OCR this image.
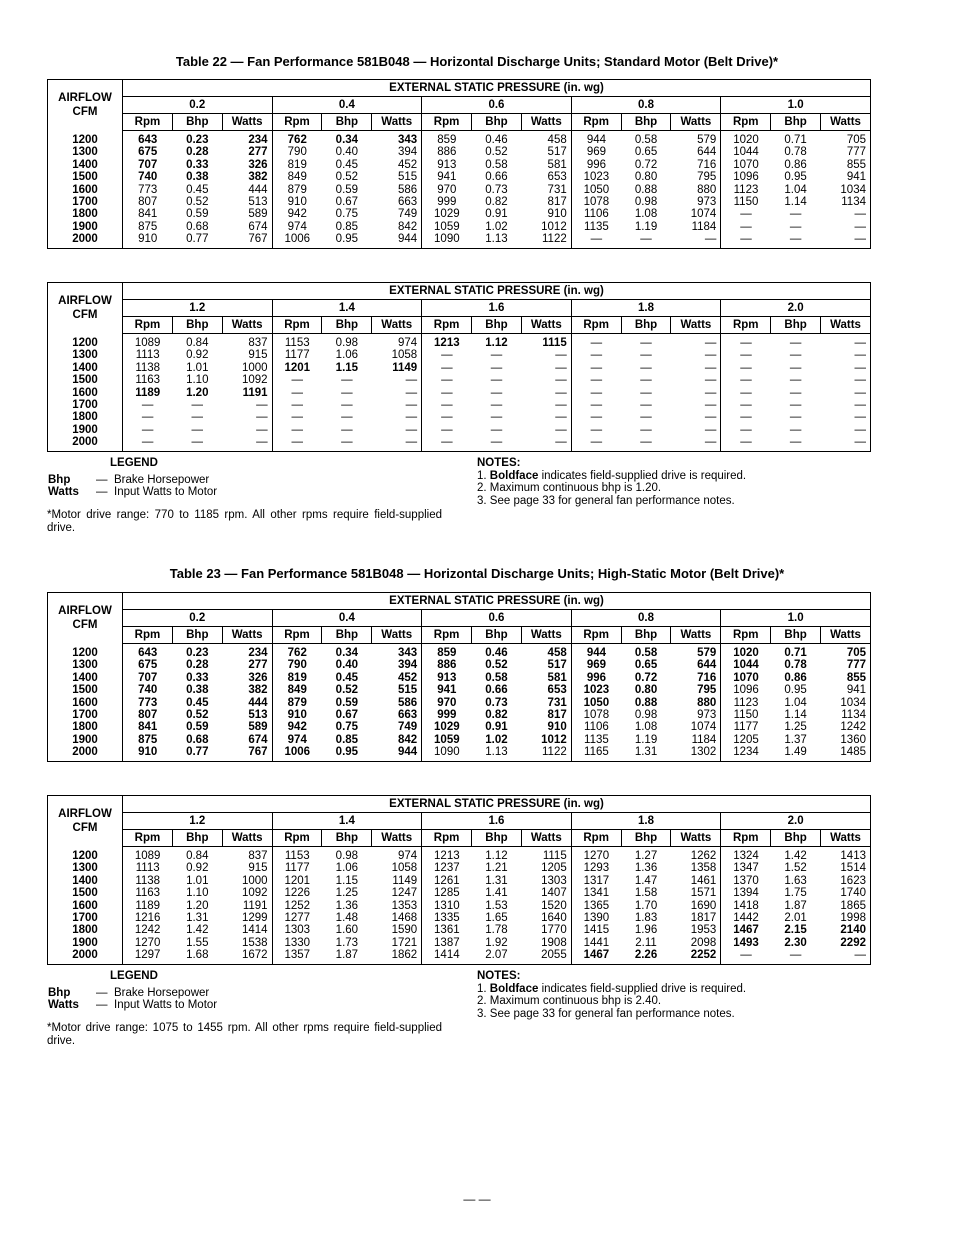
Table 22 — Fan Performance 581B048 — Horizontal Discharge Units; Standard Motor (Belt Drive)*
AIRFLOW
CFM	EXTERNAL STATIC PRESSURE (in. wg)														
	0.2			0.4			0.6			0.8			1.0		
	Rpm	Bhp	Watts	Rpm	Bhp	Watts	Rpm	Bhp	Watts	Rpm	Bhp	Watts	Rpm	Bhp	Watts
1200	643	0.23	234	762	0.34	343	859	0.46	458	944	0.58	579	1020	0.71	705
1300	675	0.28	277	790	0.40	394	886	0.52	517	969	0.65	644	1044	0.78	777
1400	707	0.33	326	819	0.45	452	913	0.58	581	996	0.72	716	1070	0.86	855
1500	740	0.38	382	849	0.52	515	941	0.66	653	1023	0.80	795	1096	0.95	941
1600	773	0.45	444	879	0.59	586	970	0.73	731	1050	0.88	880	1123	1.04	1034
1700	807	0.52	513	910	0.67	663	999	0.82	817	1078	0.98	973	1150	1.14	1134
1800	841	0.59	589	942	0.75	749	1029	0.91	910	1106	1.08	1074	—	—	—
1900	875	0.68	674	974	0.85	842	1059	1.02	1012	1135	1.19	1184	—	—	—
2000	910	0.77	767	1006	0.95	944	1090	1.13	1122	—	—	—	—	—	—
AIRFLOW
CFM	EXTERNAL STATIC PRESSURE (in. wg)														
	1.2			1.4			1.6			1.8			2.0		
	Rpm	Bhp	Watts	Rpm	Bhp	Watts	Rpm	Bhp	Watts	Rpm	Bhp	Watts	Rpm	Bhp	Watts
1200	1089	0.84	837	1153	0.98	974	1213	1.12	1115	—	—	—	—	—	—
1300	1113	0.92	915	1177	1.06	1058	—	—	—	—	—	—	—	—	—
1400	1138	1.01	1000	1201	1.15	1149	—	—	—	—	—	—	—	—	—
1500	1163	1.10	1092	—	—	—	—	—	—	—	—	—	—	—	—
1600	1189	1.20	1191	—	—	—	—	—	—	—	—	—	—	—	—
1700	—	—	—	—	—	—	—	—	—	—	—	—	—	—	—
1800	—	—	—	—	—	—	—	—	—	—	—	—	—	—	—
1900	—	—	—	—	—	—	—	—	—	—	—	—	—	—	—
2000	—	—	—	—	—	—	—	—	—	—	—	—	—	—	—
LEGEND
Bhp	— Brake Horsepower
Watts	— Input Watts to Motor
*Motor drive range: 770 to 1185 rpm. All other rpms require field-supplied drive.
NOTES:
1. Boldface indicates field-supplied drive is required.
2. Maximum continuous bhp is 1.20.
3. See page 33 for general fan performance notes.
Table 23 — Fan Performance 581B048 — Horizontal Discharge Units; High-Static Motor (Belt Drive)*
AIRFLOW
CFM	EXTERNAL STATIC PRESSURE (in. wg)														
	0.2			0.4			0.6			0.8			1.0		
	Rpm	Bhp	Watts	Rpm	Bhp	Watts	Rpm	Bhp	Watts	Rpm	Bhp	Watts	Rpm	Bhp	Watts
1200	643	0.23	234	762	0.34	343	859	0.46	458	944	0.58	579	1020	0.71	705
1300	675	0.28	277	790	0.40	394	886	0.52	517	969	0.65	644	1044	0.78	777
1400	707	0.33	326	819	0.45	452	913	0.58	581	996	0.72	716	1070	0.86	855
1500	740	0.38	382	849	0.52	515	941	0.66	653	1023	0.80	795	1096	0.95	941
1600	773	0.45	444	879	0.59	586	970	0.73	731	1050	0.88	880	1123	1.04	1034
1700	807	0.52	513	910	0.67	663	999	0.82	817	1078	0.98	973	1150	1.14	1134
1800	841	0.59	589	942	0.75	749	1029	0.91	910	1106	1.08	1074	1177	1.25	1242
1900	875	0.68	674	974	0.85	842	1059	1.02	1012	1135	1.19	1184	1205	1.37	1360
2000	910	0.77	767	1006	0.95	944	1090	1.13	1122	1165	1.31	1302	1234	1.49	1485
AIRFLOW
CFM	EXTERNAL STATIC PRESSURE (in. wg)														
	1.2			1.4			1.6			1.8			2.0		
	Rpm	Bhp	Watts	Rpm	Bhp	Watts	Rpm	Bhp	Watts	Rpm	Bhp	Watts	Rpm	Bhp	Watts
1200	1089	0.84	837	1153	0.98	974	1213	1.12	1115	1270	1.27	1262	1324	1.42	1413
1300	1113	0.92	915	1177	1.06	1058	1237	1.21	1205	1293	1.36	1358	1347	1.52	1514
1400	1138	1.01	1000	1201	1.15	1149	1261	1.31	1303	1317	1.47	1461	1370	1.63	1623
1500	1163	1.10	1092	1226	1.25	1247	1285	1.41	1407	1341	1.58	1571	1394	1.75	1740
1600	1189	1.20	1191	1252	1.36	1353	1310	1.53	1520	1365	1.70	1690	1418	1.87	1865
1700	1216	1.31	1299	1277	1.48	1468	1335	1.65	1640	1390	1.83	1817	1442	2.01	1998
1800	1242	1.42	1414	1303	1.60	1590	1361	1.78	1770	1415	1.96	1953	1467	2.15	2140
1900	1270	1.55	1538	1330	1.73	1721	1387	1.92	1908	1441	2.11	2098	1493	2.30	2292
2000	1297	1.68	1672	1357	1.87	1862	1414	2.07	2055	1467	2.26	2252	—	—	—
LEGEND
Bhp	— Brake Horsepower
Watts	— Input Watts to Motor
*Motor drive range: 1075 to 1455 rpm. All other rpms require field-supplied drive.
NOTES:
1. Boldface indicates field-supplied drive is required.
2. Maximum continuous bhp is 2.40.
3. See page 33 for general fan performance notes.
— —
